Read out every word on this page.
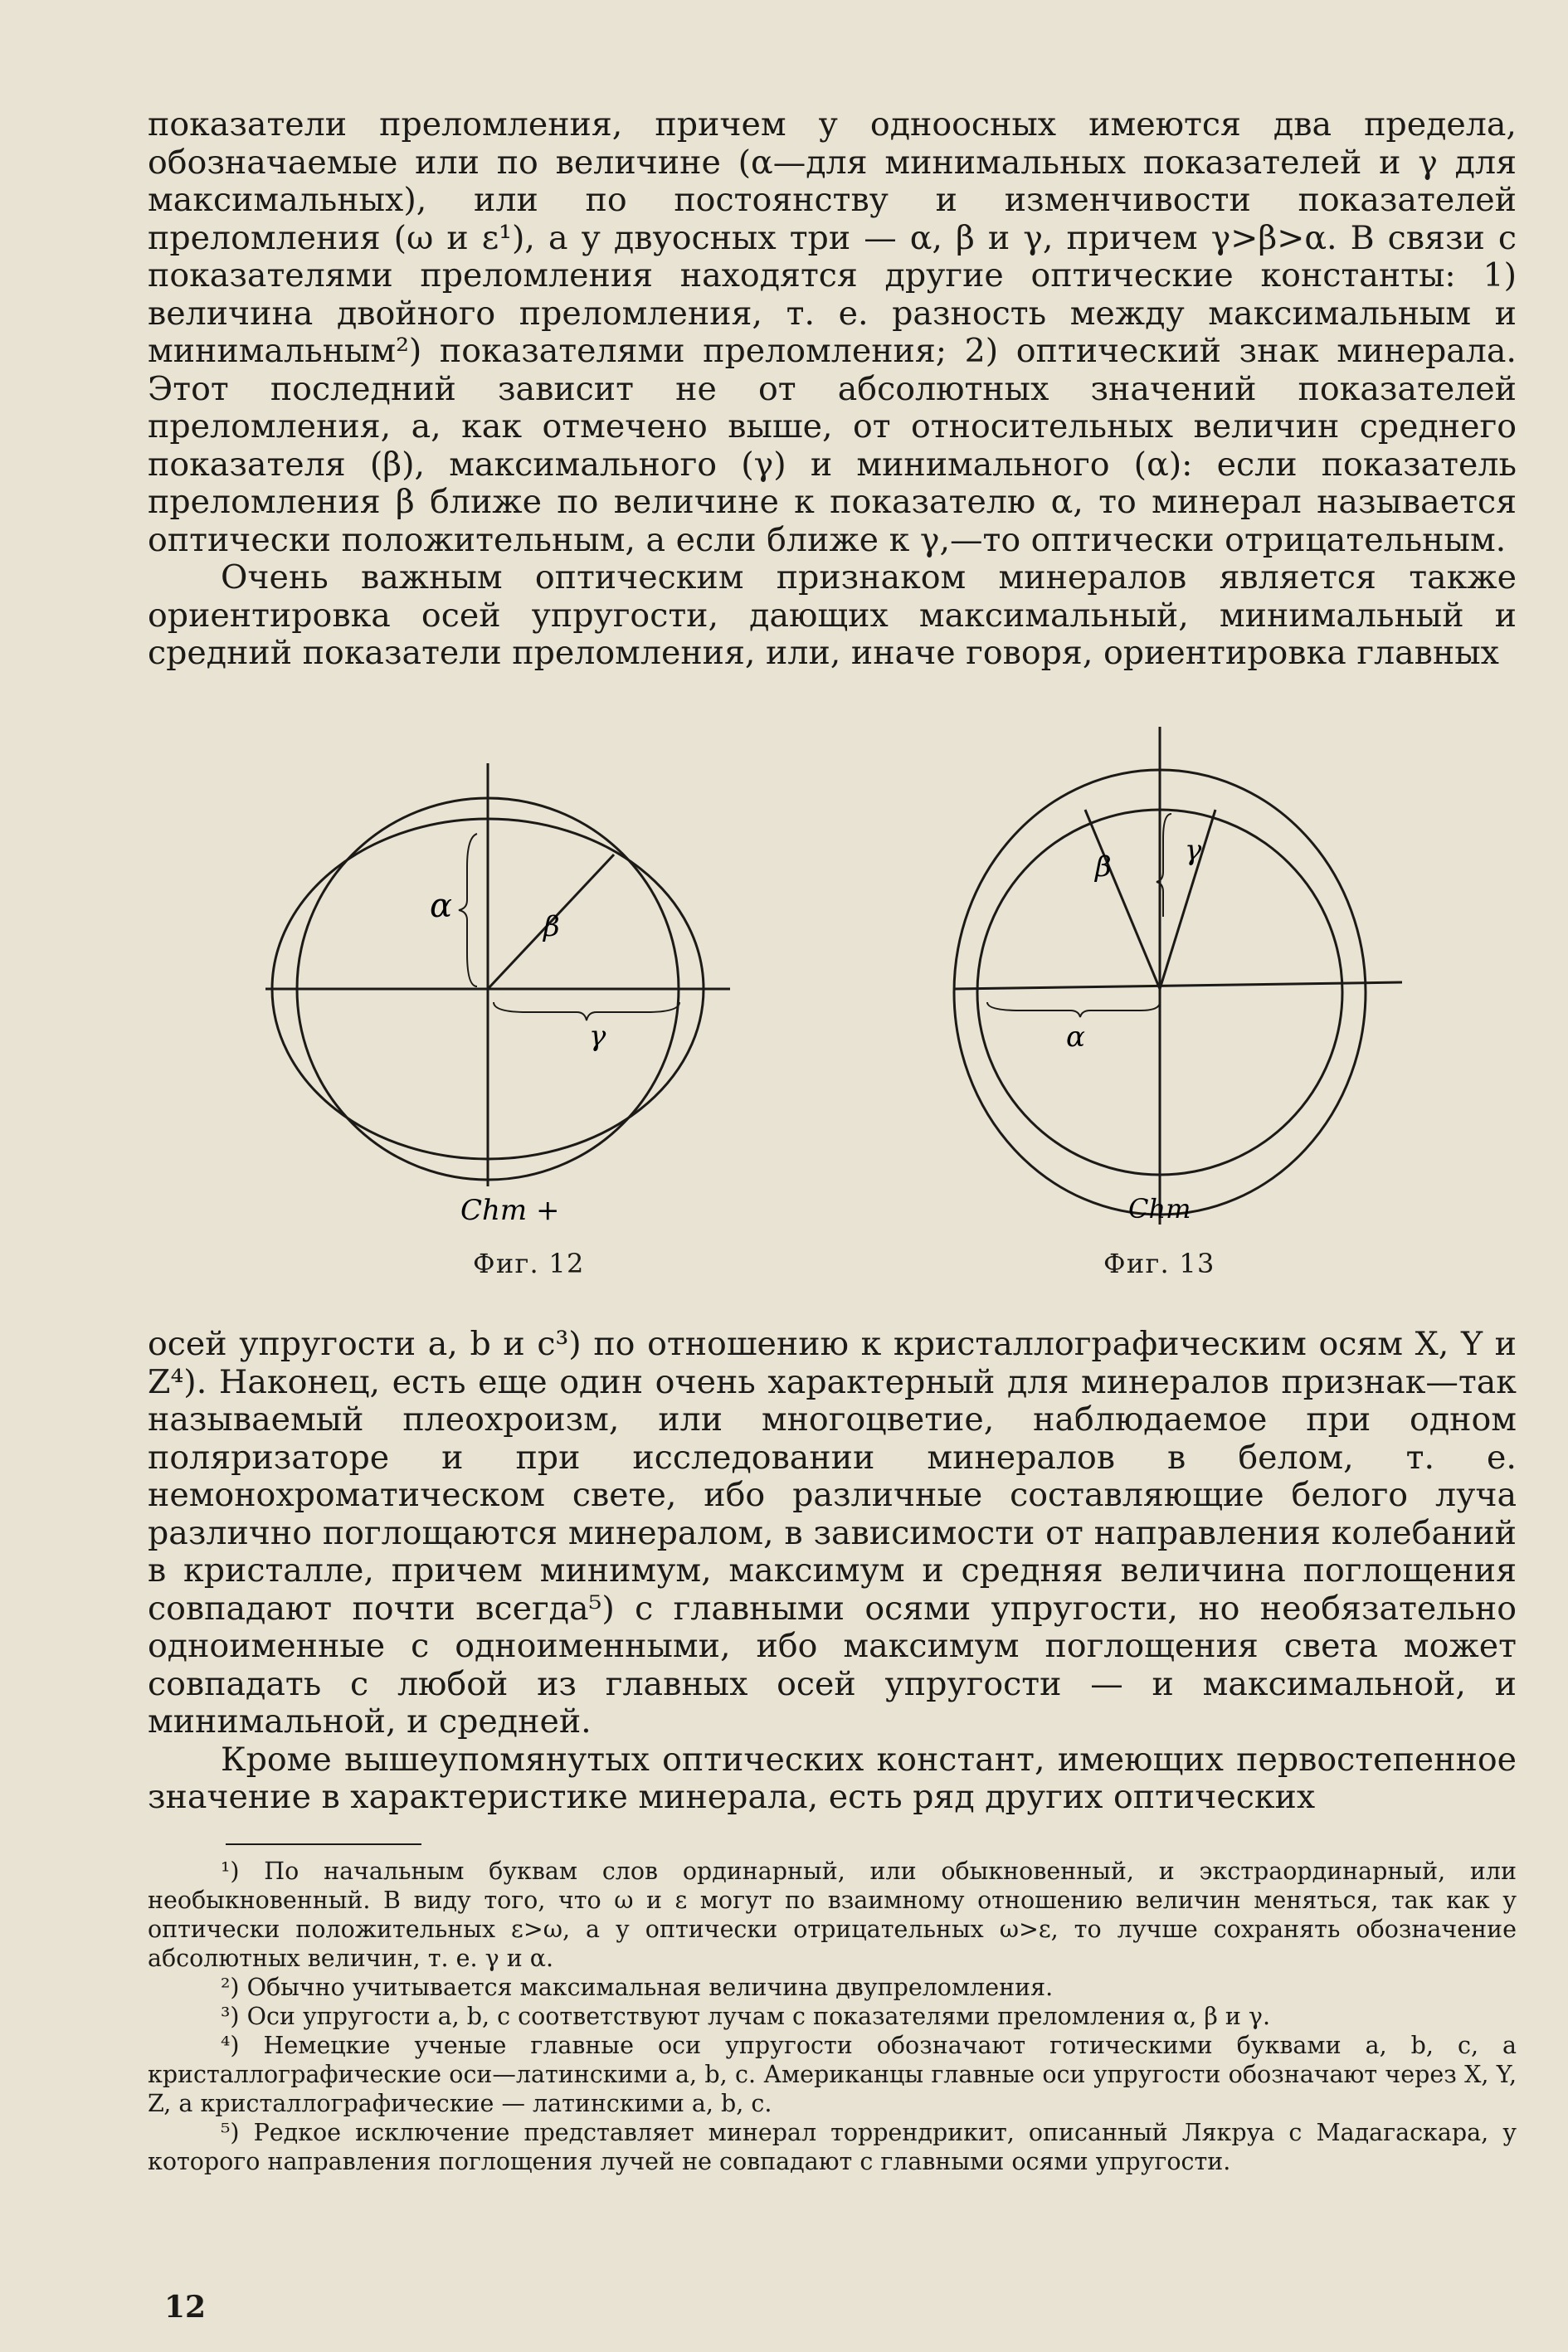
показатели преломления, причем у одноосных имеются два предела, обозначаемые или по величине (α—для минимальных показателей и γ для максимальных), или по постоянству и изменчивости показателей преломления (ω и ε¹), а у двуосных три — α, β и γ, причем γ>β>α. В связи с показателями преломления находятся другие оптические константы: 1) величина двойного преломления, т. е. разность между максимальным и минимальным²) показателями преломления; 2) оптический знак минерала. Этот последний зависит не от абсолютных значений показателей преломления, а, как отмечено выше, от относительных величин среднего показателя (β), максимального (γ) и минимального (α): если показатель преломления β ближе по величине к показателю α, то минерал называется оптически положительным, а если ближе к γ,—то оптически отрицательным.

Очень важным оптическим признаком минералов является также ориентировка осей упругости, дающих максимальный, минимальный и средний показатели преломления, или, иначе говоря, ориентировка главных

α
β
γ
Chm +
β	γ
α
Chm
Фиг. 12	Фиг. 13

осей упругости a, b и c³) по отношению к кристаллографическим осям X, Y и Z⁴). Наконец, есть еще один очень характерный для минералов признак—так называемый плеохроизм, или многоцветие, наблюдаемое при одном поляризаторе и при исследовании минералов в белом, т. е. немонохроматическом свете, ибо различные составляющие белого луча различно поглощаются минералом, в зависимости от направления колебаний в кристалле, причем минимум, максимум и средняя величина поглощения совпадают почти всегда⁵) с главными осями упругости, но необязательно одноименные с одноименными, ибо максимум поглощения света может совпадать с любой из главных осей упругости — и максимальной, и минимальной, и средней.

Кроме вышеупомянутых оптических констант, имеющих первостепенное значение в характеристике минерала, есть ряд других оптических

¹) По начальным буквам слов ординарный, или обыкновенный, и экстраординарный, или необыкновенный. В виду того, что ω и ε могут по взаимному отношению величин меняться, так как у оптически положительных ε>ω, а у оптически отрицательных ω>ε, то лучше сохранять обозначение абсолютных величин, т. е. γ и α.

²) Обычно учитывается максимальная величина двупреломления.

³) Оси упругости a, b, c соответствуют лучам с показателями преломления α, β и γ.

⁴) Немецкие ученые главные оси упругости обозначают готическими буквами a, b, c, а кристаллографические оси—латинскими a, b, c. Американцы главные оси упругости обозначают через X, Y, Z, а кристаллографические — латинскими a, b, c.

⁵) Редкое исключение представляет минерал торрендрикит, описанный Лякруа с Мадагаскара, у которого направления поглощения лучей не совпадают с главными осями упругости.

12
